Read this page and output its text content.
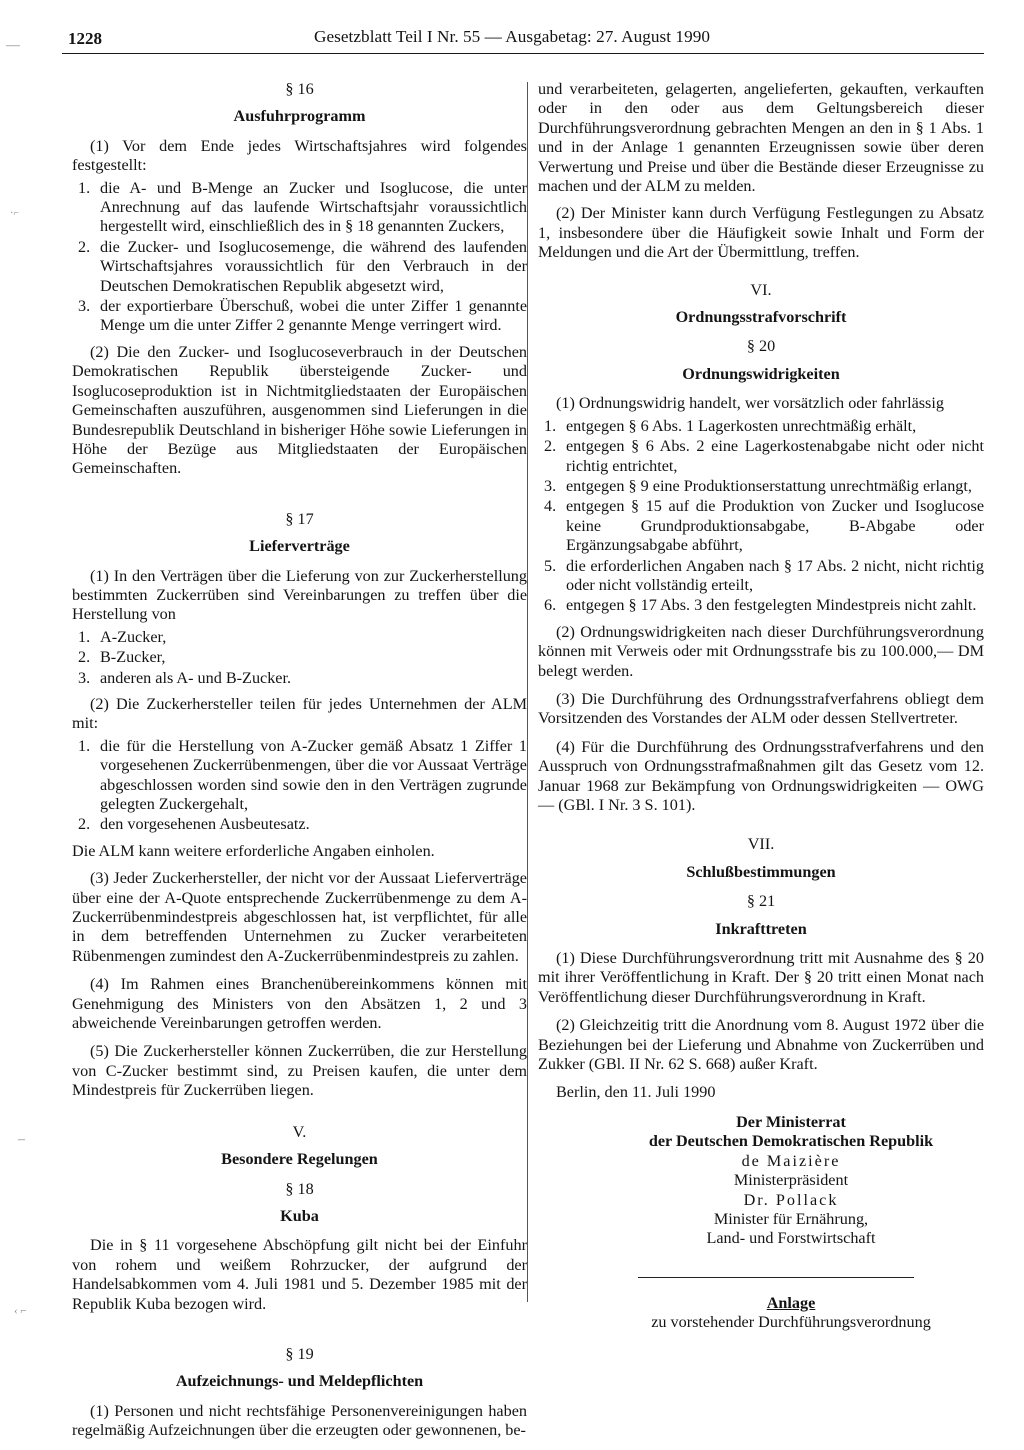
1228	Gesetzblatt Teil I Nr. 55 — Ausgabetag: 27. August 1990

§ 16

Ausfuhrprogramm

(1) Vor dem Ende jedes Wirtschaftsjahres wird folgendes festgestellt:

1. die A- und B-Menge an Zucker und Isoglucose, die unter Anrechnung auf das laufende Wirtschaftsjahr voraussichtlich hergestellt wird, einschließlich des in § 18 genannten Zuckers,
2. die Zucker- und Isoglucosemenge, die während des laufenden Wirtschaftsjahres voraussichtlich für den Verbrauch in der Deutschen Demokratischen Republik abgesetzt wird,
3. der exportierbare Überschuß, wobei die unter Ziffer 1 genannte Menge um die unter Ziffer 2 genannte Menge verringert wird.

(2) Die den Zucker- und Isoglucoseverbrauch in der Deutschen Demokratischen Republik übersteigende Zucker- und Isoglucoseproduktion ist in Nichtmitgliedstaaten der Europäischen Gemeinschaften auszuführen, ausgenommen sind Lieferungen in die Bundesrepublik Deutschland in bisheriger Höhe sowie Lieferungen in Höhe der Bezüge aus Mitgliedstaaten der Europäischen Gemeinschaften.

§ 17

Lieferverträge

(1) In den Verträgen über die Lieferung von zur Zuckerherstellung bestimmten Zuckerrüben sind Vereinbarungen zu treffen über die Herstellung von

1. A-Zucker,
2. B-Zucker,
3. anderen als A- und B-Zucker.

(2) Die Zuckerhersteller teilen für jedes Unternehmen der ALM mit:

1. die für die Herstellung von A-Zucker gemäß Absatz 1 Ziffer 1 vorgesehenen Zuckerrübenmengen, über die vor Aussaat Verträge abgeschlossen worden sind sowie den in den Verträgen zugrunde gelegten Zuckergehalt,
2. den vorgesehenen Ausbeutesatz.

Die ALM kann weitere erforderliche Angaben einholen.

(3) Jeder Zuckerhersteller, der nicht vor der Aussaat Lieferverträge über eine der A-Quote entsprechende Zuckerrübenmenge zu dem A-Zuckerrübenmindestpreis abgeschlossen hat, ist verpflichtet, für alle in dem betreffenden Unternehmen zu Zucker verarbeiteten Rübenmengen zumindest den A-Zuckerrübenmindestpreis zu zahlen.

(4) Im Rahmen eines Branchenübereinkommens können mit Genehmigung des Ministers von den Absätzen 1, 2 und 3 abweichende Vereinbarungen getroffen werden.

(5) Die Zuckerhersteller können Zuckerrüben, die zur Herstellung von C-Zucker bestimmt sind, zu Preisen kaufen, die unter dem Mindestpreis für Zuckerrüben liegen.

V.

Besondere Regelungen

§ 18

Kuba

Die in § 11 vorgesehene Abschöpfung gilt nicht bei der Einfuhr von rohem und weißem Rohrzucker, der aufgrund der Handelsabkommen vom 4. Juli 1981 und 5. Dezember 1985 mit der Republik Kuba bezogen wird.

§ 19

Aufzeichnungs- und Meldepflichten

(1) Personen und nicht rechtsfähige Personenvereinigungen haben regelmäßig Aufzeichnungen über die erzeugten oder gewonnenen, be-

und verarbeiteten, gelagerten, angelieferten, gekauften, verkauften oder in den oder aus dem Geltungsbereich dieser Durchführungsverordnung gebrachten Mengen an den in § 1 Abs. 1 und in der Anlage 1 genannten Erzeugnissen sowie über deren Verwertung und Preise und über die Bestände dieser Erzeugnisse zu machen und der ALM zu melden.

(2) Der Minister kann durch Verfügung Festlegungen zu Absatz 1, insbesondere über die Häufigkeit sowie Inhalt und Form der Meldungen und die Art der Übermittlung, treffen.

VI.

Ordnungsstrafvorschrift

§ 20

Ordnungswidrigkeiten

(1) Ordnungswidrig handelt, wer vorsätzlich oder fahrlässig

1. entgegen § 6 Abs. 1 Lagerkosten unrechtmäßig erhält,
2. entgegen § 6 Abs. 2 eine Lagerkostenabgabe nicht oder nicht richtig entrichtet,
3. entgegen § 9 eine Produktionserstattung unrechtmäßig erlangt,
4. entgegen § 15 auf die Produktion von Zucker und Isoglucose keine Grundproduktionsabgabe, B-Abgabe oder Ergänzungsabgabe abführt,
5. die erforderlichen Angaben nach § 17 Abs. 2 nicht, nicht richtig oder nicht vollständig erteilt,
6. entgegen § 17 Abs. 3 den festgelegten Mindestpreis nicht zahlt.

(2) Ordnungswidrigkeiten nach dieser Durchführungsverordnung können mit Verweis oder mit Ordnungsstrafe bis zu 100.000,— DM belegt werden.

(3) Die Durchführung des Ordnungsstrafverfahrens obliegt dem Vorsitzenden des Vorstandes der ALM oder dessen Stellvertreter.

(4) Für die Durchführung des Ordnungsstrafverfahrens und den Ausspruch von Ordnungsstrafmaßnahmen gilt das Gesetz vom 12. Januar 1968 zur Bekämpfung von Ordnungswidrigkeiten — OWG — (GBl. I Nr. 3 S. 101).

VII.

Schlußbestimmungen

§ 21

Inkrafttreten

(1) Diese Durchführungsverordnung tritt mit Ausnahme des § 20 mit ihrer Veröffentlichung in Kraft. Der § 20 tritt einen Monat nach Veröffentlichung dieser Durchführungsverordnung in Kraft.

(2) Gleichzeitig tritt die Anordnung vom 8. August 1972 über die Beziehungen bei der Lieferung und Abnahme von Zuckerrüben und Zukker (GBl. II Nr. 62 S. 668) außer Kraft.

Berlin, den 11. Juli 1990

Der Ministerrat

der Deutschen Demokratischen Republik

de Maizière

Ministerpräsident

Dr. Pollack

Minister für Ernährung,

Land- und Forstwirtschaft

Anlage

zu vorstehender Durchführungsverordnung

—
·⌐
–
‹ ⌐
